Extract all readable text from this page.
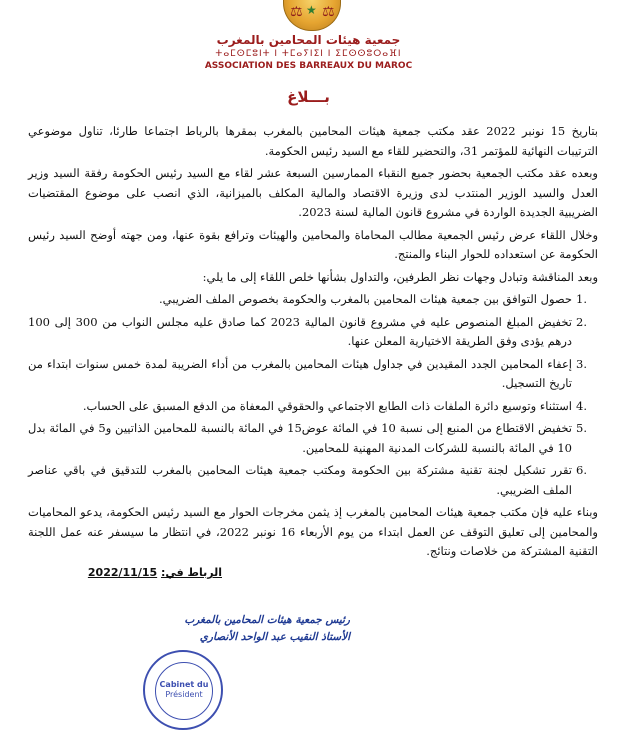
⚖ ★ ⚖
جمعية هيئات المحامين بالمغرب
ⵜⴰⵎⵙⵎⵓⵏⵜ ⵏ ⵜⵎⴰⵢⵏⵉⵏ ⵏ ⵉⵎⵙⵙⵓⵔⴰⴼⵏ
ASSOCIATION DES BARREAUX DU MAROC
بـــلاغ

بتاريخ 15 نونبر 2022 عقد مكتب جمعية هيئات المحامين بالمغرب بمقرها بالرباط اجتماعا طارئا، تناول موضوعي الترتيبات النهائية للمؤتمر 31، والتحضير للقاء مع السيد رئيس الحكومة.

وبعده عقد مكتب الجمعية بحضور جميع النقباء الممارسين السبعة عشر لقاء مع السيد رئيس الحكومة رفقة السيد وزير العدل والسيد الوزير المنتدب لدى وزيرة الاقتصاد والمالية المكلف بالميزانية، الذي انصب على موضوع المقتضيات الضريبية الجديدة الواردة في مشروع قانون المالية لسنة 2023.

وخلال اللقاء عرض رئيس الجمعية مطالب المحاماة والمحامين والهيئات وترافع بقوة عنها، ومن جهته أوضح السيد رئيس الحكومة عن استعداده للحوار البناء والمنتج.

وبعد المناقشة وتبادل وجهات نظر الطرفين، والتداول بشأنها خلص اللقاء إلى ما يلي:

1.
حصول التوافق بين جمعية هيئات المحامين بالمغرب والحكومة بخصوص الملف الضريبي.
2.
تخفيض المبلغ المنصوص عليه في مشروع قانون المالية 2023 كما صادق عليه مجلس النواب من 300 إلى 100 درهم يؤدى وفق الطريقة الاختيارية المعلن عنها.
3.
إعفاء المحامين الجدد المقيدين في جداول هيئات المحامين بالمغرب من أداء الضريبة لمدة خمس سنوات ابتداء من تاريخ التسجيل.
4.
استثناء وتوسيع دائرة الملفات ذات الطابع الاجتماعي والحقوقي المعفاة من الدفع المسبق على الحساب.
5.
تخفيض الاقتطاع من المنبع إلى نسبة 10 في المائة عوض15 في المائة بالنسبة للمحامين الذاتيين و5 في المائة بدل 10 في المائة بالنسبة للشركات المدنية المهنية للمحامين.
6.
تقرر تشكيل لجنة تقنية مشتركة بين الحكومة ومكتب جمعية هيئات المحامين بالمغرب للتدقيق في باقي عناصر الملف الضريبي.

وبناء عليه فإن مكتب جمعية هيئات المحامين بالمغرب إذ يثمن مخرجات الحوار مع السيد رئيس الحكومة، يدعو المحاميات والمحامين إلى تعليق التوقف عن العمل ابتداء من يوم الأربعاء 16 نونبر 2022، في انتظار ما سيسفر عنه عمل اللجنة التقنية المشتركة من خلاصات ونتائج.

الرباط في: 2022/11/15
رئيس جمعية هيئات المحامين بالمغرب
الأستاذ النقيب عبد الواحد الأنصاري
Cabinet du
Président
